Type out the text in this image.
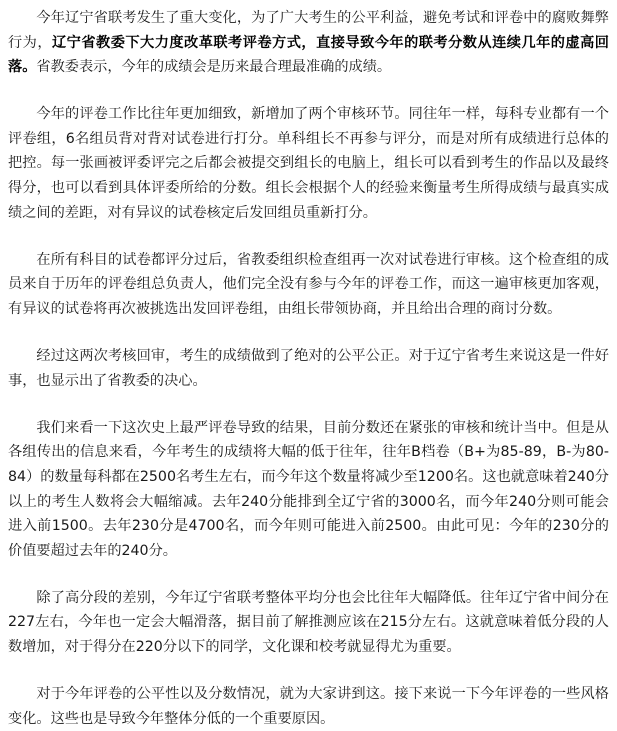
今年辽宁省联考发生了重大变化，为了广大考生的公平利益，避免考试和评卷中的腐败舞弊行为，辽宁省教委下大力度改革联考评卷方式，直接导致今年的联考分数从连续几年的虚高回落。省教委表示，今年的成绩会是历来最合理最准确的成绩。

今年的评卷工作比往年更加细致，新增加了两个审核环节。同往年一样，每科专业都有一个评卷组，6名组员背对背对试卷进行打分。单科组长不再参与评分，而是对所有成绩进行总体的把控。每一张画被评委评完之后都会被提交到组长的电脑上，组长可以看到考生的作品以及最终得分，也可以看到具体评委所给的分数。组长会根据个人的经验来衡量考生所得成绩与最真实成绩之间的差距，对有异议的试卷核定后发回组员重新打分。

在所有科目的试卷都评分过后，省教委组织检查组再一次对试卷进行审核。这个检查组的成员来自于历年的评卷组总负责人，他们完全没有参与今年的评卷工作，而这一遍审核更加客观，有异议的试卷将再次被挑选出发回评卷组，由组长带领协商，并且给出合理的商讨分数。

经过这两次考核回审，考生的成绩做到了绝对的公平公正。对于辽宁省考生来说这是一件好事，也显示出了省教委的决心。

我们来看一下这次史上最严评卷导致的结果，目前分数还在紧张的审核和统计当中。但是从各组传出的信息来看，今年考生的成绩将大幅的低于往年，往年B档卷（B+为85-89，B-为80-84）的数量每科都在2500名考生左右，而今年这个数量将减少至1200名。这也就意味着240分以上的考生人数将会大幅缩减。去年240分能排到全辽宁省的3000名，而今年240分则可能会进入前1500。去年230分是4700名，而今年则可能进入前2500。由此可见：今年的230分的价值要超过去年的240分。

除了高分段的差别，今年辽宁省联考整体平均分也会比往年大幅降低。往年辽宁省中间分在227左右，今年也一定会大幅滑落，据目前了解推测应该在215分左右。这就意味着低分段的人数增加，对于得分在220分以下的同学，文化课和校考就显得尤为重要。

对于今年评卷的公平性以及分数情况，就为大家讲到这。接下来说一下今年评卷的一些风格变化。这些也是导致今年整体分低的一个重要原因。
